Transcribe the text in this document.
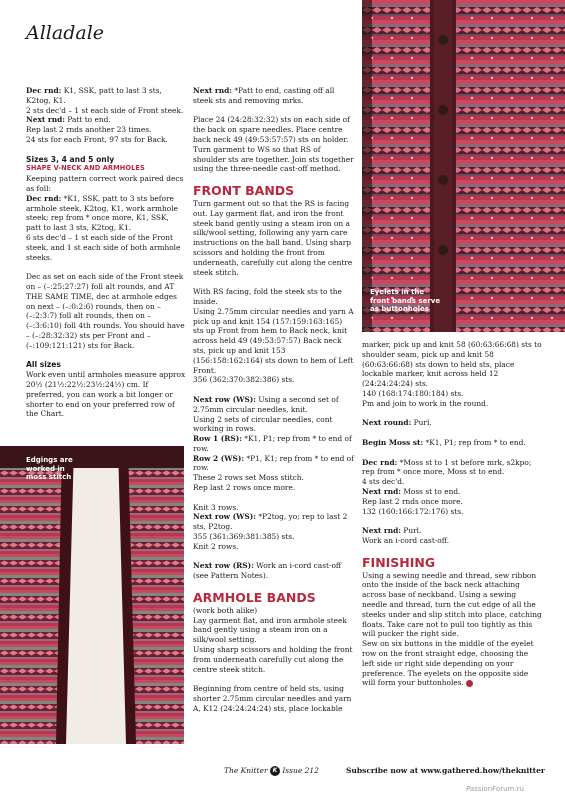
Alladale
Eyelets in the
front bands serve
as buttonholes
Edgings are
worked in
moss stitch

Dec rnd: K1, SSK, patt to last 3 sts, K2tog, K1.

2 sts dec'd – 1 st each side of Front steek.

Next rnd: Patt to end.

Rep last 2 rnds another 23 times.

24 sts for each Front, 97 sts for Back.

Sizes 3, 4 and 5 only
SHAPE V-NECK AND ARMHOLES

Keeping pattern correct work paired decs as foll:

Dec rnd: *K1, SSK, patt to 3 sts before armhole steek, K2tog, K1, work armhole steek; rep from * once more, K1, SSK, patt to last 3 sts, K2tog, K1.

6 sts dec'd – 1 st each side of the Front steek, and 1 st each side of both armhole steeks.

Dec as set on each side of the Front steek on – (–:25:27:27) foll alt rounds, and AT THE SAME TIME, dec at armhole edges on next – (–:0:2:6) rounds, then on – (–:2:3:7) foll alt rounds, then on – (–:3:6:10) foll 4th rounds. You should have – (–:28:32:32) sts per Front and – (–:109:121:121) sts for Back.

All sizes

Work even until armholes measure approx 20½ (21½:22½:23½:24½) cm. If preferred, you can work a bit longer or shorter to end on your preferred row of the Chart.

Next rnd: *Patt to end, casting off all steek sts and removing mrks.

Place 24 (24:28:32:32) sts on each side of the back on spare needles. Place centre back neck 49 (49:53:57:57) sts on holder. Turn garment to WS so that RS of shoulder sts are together. Join sts together using the three-needle cast-off method.

FRONT BANDS

Turn garment out so that the RS is facing out. Lay garment flat, and iron the front steek band gently using a steam iron on a silk/wool setting, following any yarn care instructions on the ball band. Using sharp scissors and holding the front from underneath, carefully cut along the centre steek stitch.

With RS facing, fold the steek sts to the inside.

Using 2.75mm circular needles and yarn A pick up and knit 154 (157:159:163:165) sts up Front from hem to Back neck, knit across held 49 (49:53:57:57) Back neck sts, pick up and knit 153 (156:158:162:164) sts down to hem of Left Front.

356 (362:370:382:386) sts.

Next row (WS): Using a second set of 2.75mm circular needles, knit.

Using 2 sets of circular needles, cont working in rows.

Row 1 (RS): *K1, P1; rep from * to end of row.

Row 2 (WS): *P1, K1; rep from * to end of row.

These 2 rows set Moss stitch.

Rep last 2 rows once more.

Knit 3 rows.

Next row (WS): *P2tog, yo; rep to last 2 sts, P2tog.

355 (361:369:381:385) sts.

Knit 2 rows.

Next row (RS): Work an i-cord cast-off (see Pattern Notes).

ARMHOLE BANDS

(work both alike)

Lay garment flat, and iron armhole steek band gently using a steam iron on a silk/wool setting.

Using sharp scissors and holding the front from underneath carefully cut along the centre steek stitch.

Beginning from centre of held sts, using shorter 2.75mm circular needles and yarn A, K12 (24:24:24:24) sts, place lockable

marker, pick up and knit 58 (60:63:66:68) sts to shoulder seam, pick up and knit 58 (60:63:66:68) sts down to held sts, place lockable marker, knit across held 12 (24:24:24:24) sts.

140 (168:174:180:184) sts.

Pm and join to work in the round.

Next round: Purl.

Begin Moss st: *K1, P1; rep from * to end.

Dec rnd: *Moss st to 1 st before mrk, s2kpo; rep from * once more, Moss st to end.

4 sts dec'd.

Next rnd: Moss st to end.

Rep last 2 rnds once more.

132 (160:166:172:176) sts.

Next rnd: Purl.

Work an i-cord cast-off.

FINISHING

Using a sewing needle and thread, sew ribbon onto the inside of the back neck attaching across base of neckband. Using a sewing needle and thread, turn the cut edge of all the steeks under and slip stitch into place, catching floats. Take care not to pull too tightly as this will pucker the right side.

Sew on six buttons in the middle of the eyelet row on the front straight edge, choosing the left side or right side depending on your preference. The eyelets on the opposite side will form your buttonholes.

The Knitter K Issue 212	Subscribe now at www.gathered.how/theknitter
PassionForum.ru
